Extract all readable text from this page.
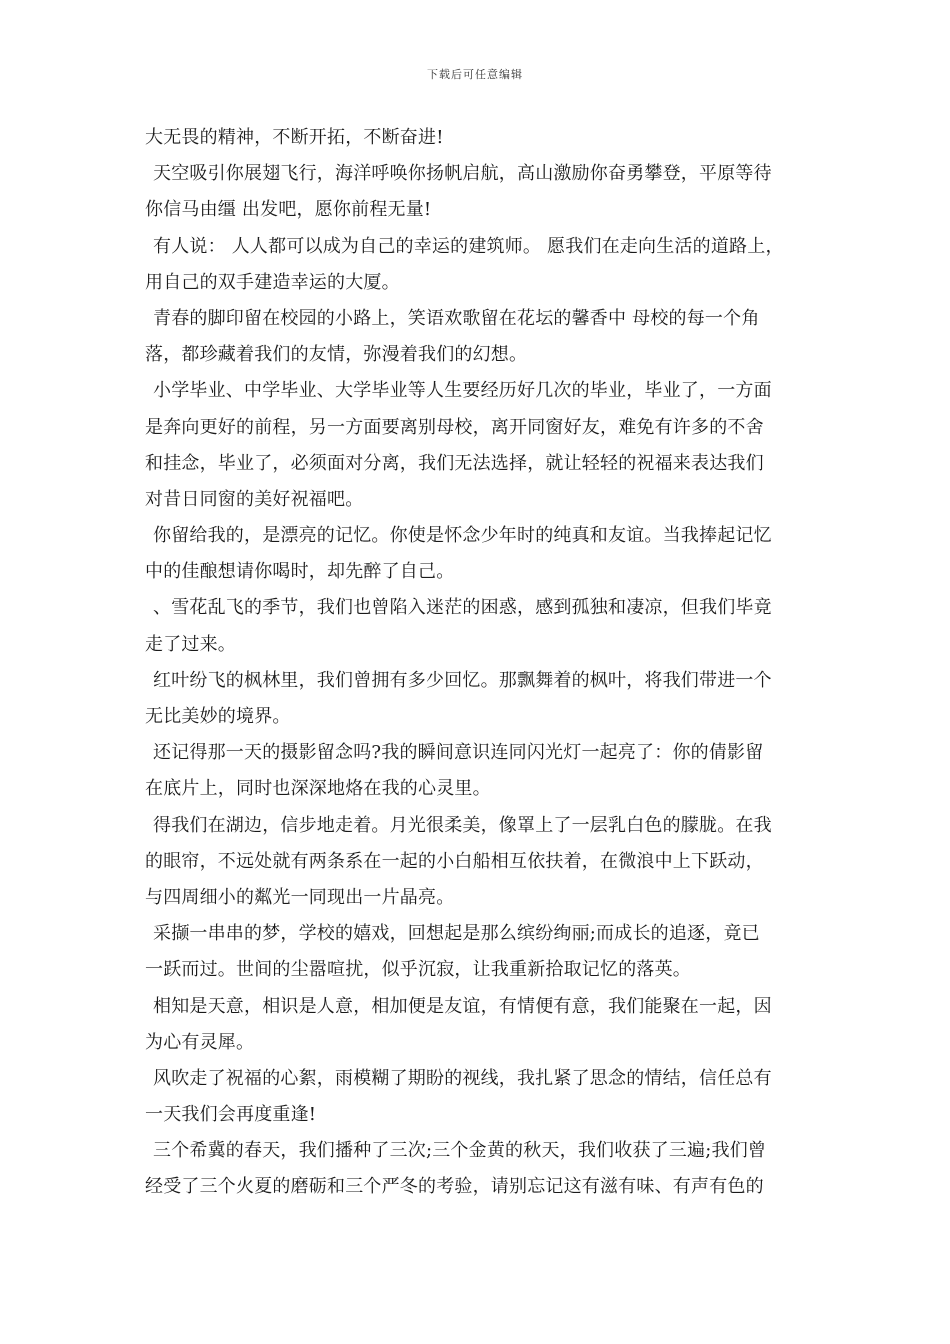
下载后可任意编辑
大无畏的精神，不断开拓，不断奋进!
天空吸引你展翅飞行，海洋呼唤你扬帆启航，高山激励你奋勇攀登，平原等待
你信马由缰 出发吧，愿你前程无量!
有人说： 人人都可以成为自己的幸运的建筑师。 愿我们在走向生活的道路上，
用自己的双手建造幸运的大厦。
青春的脚印留在校园的小路上，笑语欢歌留在花坛的馨香中 母校的每一个角
落，都珍藏着我们的友情，弥漫着我们的幻想。
小学毕业、中学毕业、大学毕业等人生要经历好几次的毕业，毕业了，一方面
是奔向更好的前程，另一方面要离别母校，离开同窗好友，难免有许多的不舍
和挂念，毕业了，必须面对分离，我们无法选择，就让轻轻的祝福来表达我们
对昔日同窗的美好祝福吧。
你留给我的，是漂亮的记忆。你使是怀念少年时的纯真和友谊。当我捧起记忆
中的佳酿想请你喝时，却先醉了自己。
、雪花乱飞的季节，我们也曾陷入迷茫的困惑，感到孤独和凄凉，但我们毕竟
走了过来。
红叶纷飞的枫林里，我们曾拥有多少回忆。那飘舞着的枫叶，将我们带进一个
无比美妙的境界。
还记得那一天的摄影留念吗?我的瞬间意识连同闪光灯一起亮了：你的倩影留
在底片上，同时也深深地烙在我的心灵里。
得我们在湖边，信步地走着。月光很柔美，像罩上了一层乳白色的朦胧。在我
的眼帘，不远处就有两条系在一起的小白船相互依扶着，在微浪中上下跃动，
与四周细小的粼光一同现出一片晶亮。
采撷一串串的梦，学校的嬉戏，回想起是那么缤纷绚丽;而成长的追逐，竟已
一跃而过。世间的尘嚣喧扰，似乎沉寂，让我重新拾取记忆的落英。
相知是天意，相识是人意，相加便是友谊，有情便有意，我们能聚在一起，因
为心有灵犀。
风吹走了祝福的心絮，雨模糊了期盼的视线，我扎紧了思念的情结，信任总有
一天我们会再度重逢!
三个希冀的春天，我们播种了三次;三个金黄的秋天，我们收获了三遍;我们曾
经受了三个火夏的磨砺和三个严冬的考验，请别忘记这有滋有味、有声有色的
